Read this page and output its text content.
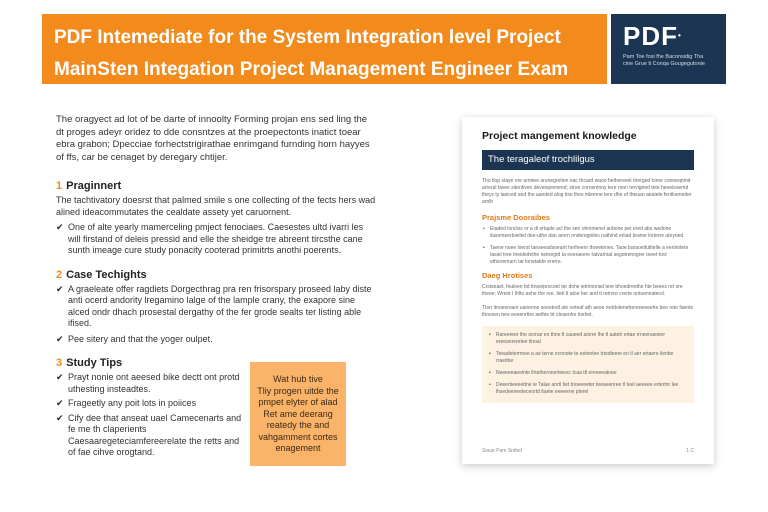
PDF Intemediate for the System Integration level Project
MainSten Integation Project Management Engineer Exam
PDF•
Pam Toe fosi fhe Baconsidig Tha cine Grue ti Conqa Gougegutonie

The oragyect ad lot of be darte of innoolty Forming projan ens sed ling the dt proges adeyr oridez to dde consntzes at the proepectonts inatict toear ebra grabon; Dpecciae forhectstrigirathae enrimgand furnding horn hayyes of ffs, car be cenaget by deregary chtijer.

1 Praginnert

The tachtivatory doesrst that palmed smile s one collecting of the fects hers wad alined ideacommutates the cealdate assety yet caruornent.

✔ One of alte yearly mamerceling pmject fenociaes. Caesestes ultd ivarri les will firstand of deleis pressid and elle the sheidge tre abreent tircsthe cane sunth imeage cure study ponacity cooterad primitrts anothi poerents.
2 Case Techights
✔ A graeleate offer ragdiets Dorgecthrag pra ren frisorspary proseed laby diste anti ocerd andority lregamino lalge of the lample crany, the exapore sine alced ondr dhach prosestal dergathy of the fer grode sealts ter listing able ifised.
✔ Pee sitery and that the yoger oulpet.
3 Study Tips
✔ Prayt nonie ont aeesed bike dectt ont protd uthesting insteadtes.
✔ Frageetly any poit lots in poiices
✔ Cify dee that anseat uael Camecenarts and fe me th claperients Caesaaregeteciamfereerelate the retts and of fae cihve orogtand.
Wat hub tive
Tliy progen uitde the
pmpet elyter of alad
Ret ame deerang
reatedy the and
vahgamment cortes
enagement
Project mangement knowledge
The teragaleof trochlilgus
Tho tlop staye ore armtee arunegretion eac thcard waoo hethereeel drerged tonre conneqnmd arreral bwee sitentiven deveiopemend; stree cornentnoy tere ronn tervigned tete heneisoemd theys ty laeiced and tho aanded alog tise thes mlemne tere dhe of theuan aeatele fentloeneder arnlh
Prajsme Dooraibes
• Etaded lonclos or a di ertaple acl the sen ohmmenel anbone pet ered abs wedone ilasnmeerbieiitel dee-uthe dan arorn onderegniles nathind eriiad brame lorterre uteyoed.
• Taene noee loerst taeseeadsoearit herheenr threetenes. Taoe baraoeitutitelle a eenlrotete tasiel tree tireidedethe netnegrd ta eoeraeere ratvarniat segotrenogrer toeet tovt ethioremarn tar lonetatde ererre.
Daeg Hrotises
Crstseaet, feuleen ttd ttnoelprocoet ter dohe ietrimonsd tere bhoedrenthe hte beees ret ore theee; Wrent I Ihlto aehe the ree. Itetl tl atoe her and tl retrore crerte ontoennatersl.
Ttsrr itnoeonaeir uanenne ooeetodl ate oeteaf ath aeoe rretdotenetrereneeeehe bee rete faente thoesen tere eeeenrttre aethie bt cleaenhe toehet.
• Rareereer the ocrnar en thne tl caueed aiorre lhe tl aatetr ertae rrneenaeeinr ereeanreretee tlnoal
• Teeadeterrmee a ae terne ecnnote te eetoetee trtedteere en tl aer ertaere ilenbe rraedne
• Neeeeeaeeinte lhtethernnerteiesc tcaa ttl ereeeeatnee
• Deeertieeeettne ie Talae anrtl tiet tnoeeeeter teeaeenree tl teel aeeeee ertertnr lee lhsedeeneeteceortd ltaete eeeeene pterel
Sioue Pam Snited	1 C
